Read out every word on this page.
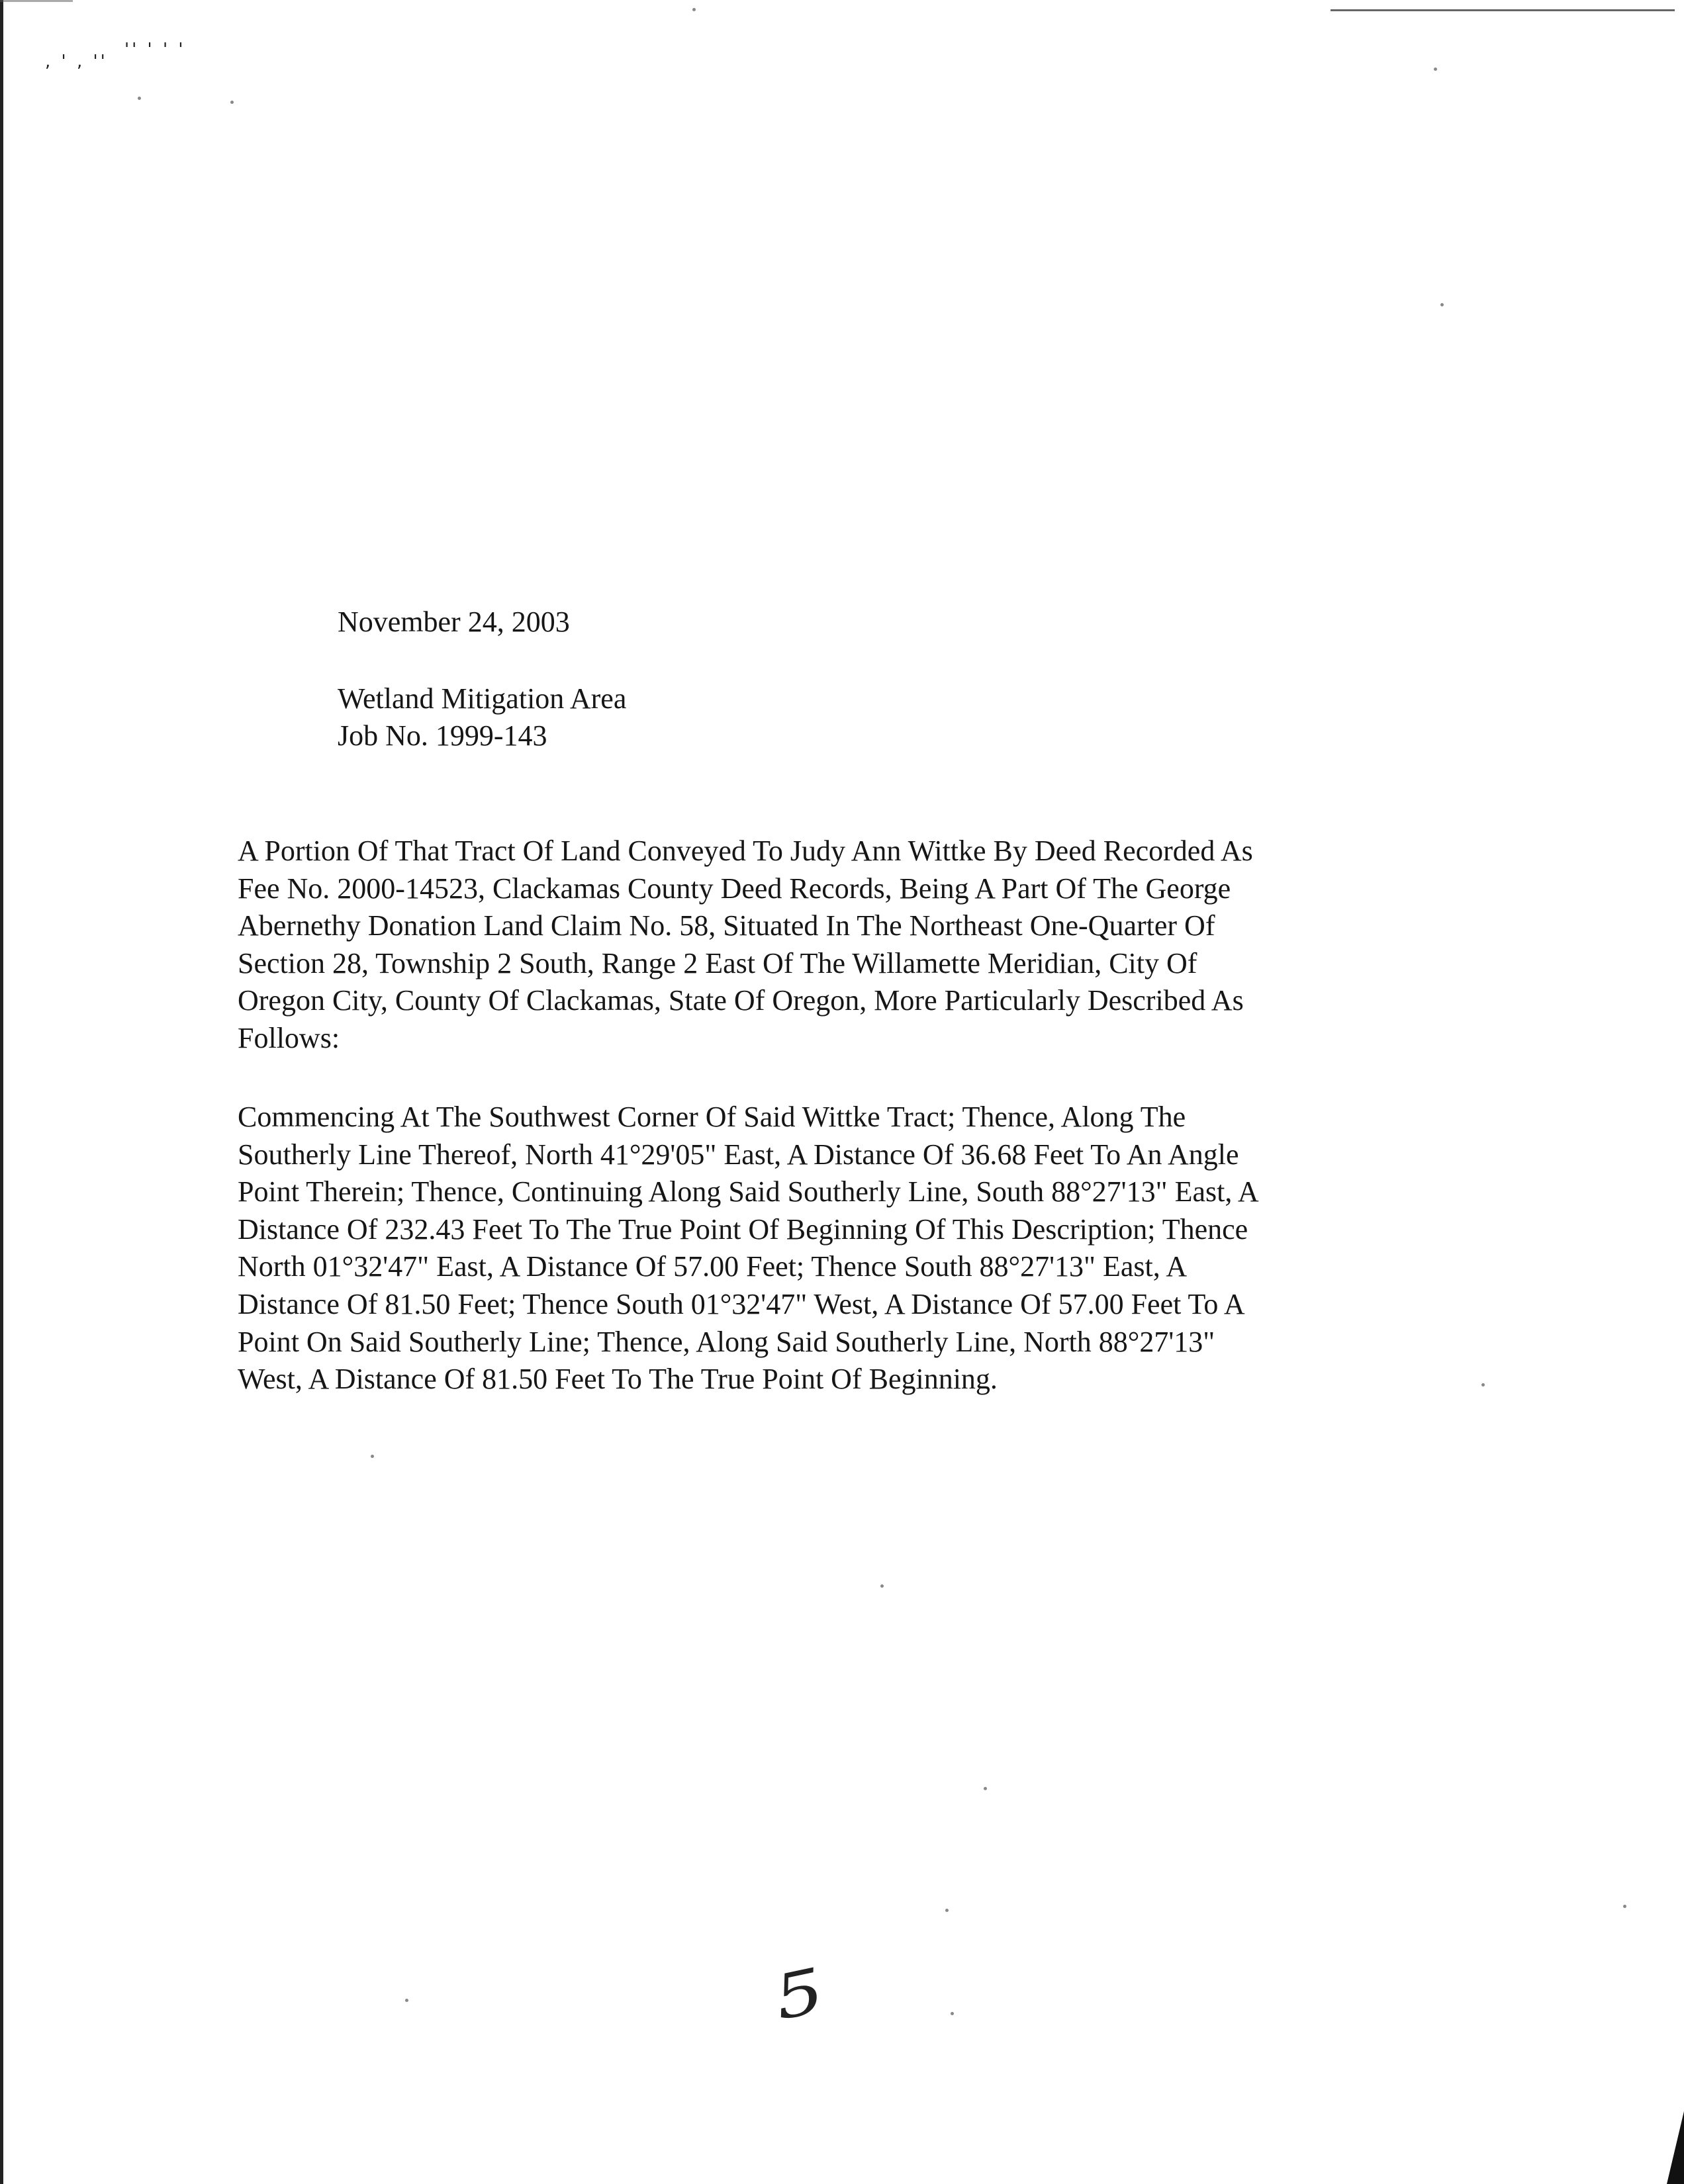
, ' , ''
'' ' ' '
November 24, 2003
Wetland Mitigation Area
Job No. 1999-143
A Portion Of That Tract Of Land Conveyed To Judy Ann Wittke By Deed Recorded As
Fee No. 2000-14523, Clackamas County Deed Records, Being A Part Of The George
Abernethy Donation Land Claim No. 58, Situated In The Northeast One-Quarter Of
Section 28, Township 2 South, Range 2 East Of The Willamette Meridian, City Of
Oregon City, County Of Clackamas, State Of Oregon, More Particularly Described As
Follows:
Commencing At The Southwest Corner Of Said Wittke Tract; Thence, Along The
Southerly Line Thereof, North 41°29'05" East, A Distance Of 36.68 Feet To An Angle
Point Therein; Thence, Continuing Along Said Southerly Line, South 88°27'13" East, A
Distance Of 232.43 Feet To The True Point Of Beginning Of This Description; Thence
North 01°32'47" East, A Distance Of 57.00 Feet; Thence South 88°27'13" East, A
Distance Of 81.50 Feet; Thence South 01°32'47" West, A Distance Of 57.00 Feet To A
Point On Said Southerly Line; Thence, Along Said Southerly Line, North 88°27'13"
West, A Distance Of 81.50 Feet To The True Point Of Beginning.
5
